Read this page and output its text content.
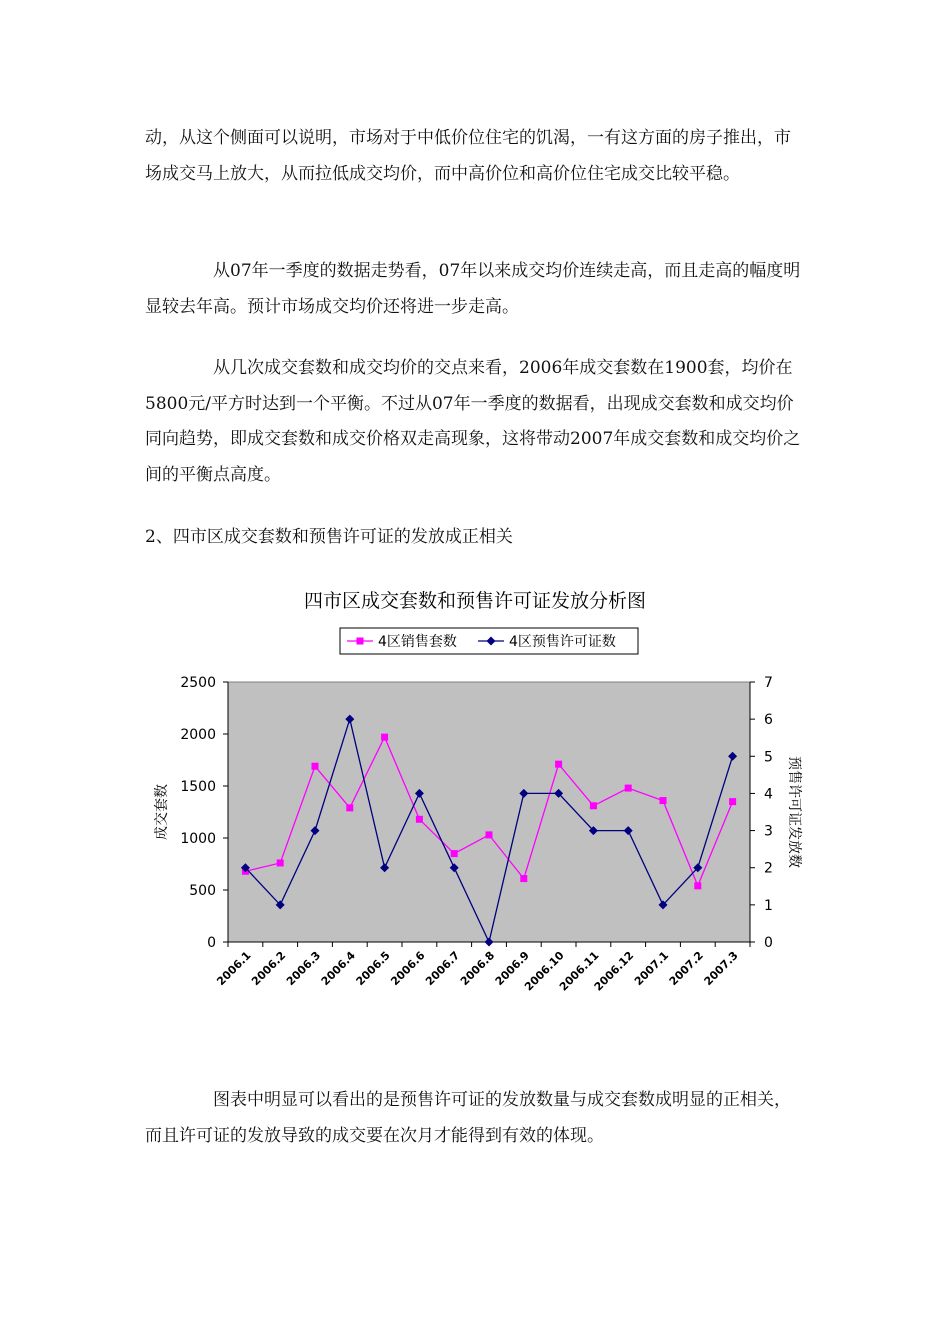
动，从这个侧面可以说明，市场对于中低价位住宅的饥渴，一有这方面的房子推出，市场成交马上放大，从而拉低成交均价，而中高价位和高价位住宅成交比较平稳。

从07年一季度的数据走势看，07年以来成交均价连续走高，而且走高的幅度明显较去年高。预计市场成交均价还将进一步走高。

从几次成交套数和成交均价的交点来看，2006年成交套数在1900套，均价在5800元/平方时达到一个平衡。不过从07年一季度的数据看，出现成交套数和成交均价同向趋势，即成交套数和成交价格双走高现象，这将带动2007年成交套数和成交均价之间的平衡点高度。

2、四市区成交套数和预售许可证的发放成正相关

四市区成交套数和预售许可证发放分析图
4区销售套数	4区预售许可证数
0
500
1000
1500
2000
2500
0
1
2
3
4
5
6
7
2006.1
2006.2
2006.3
2006.4
2006.5
2006.6
2006.7
2006.8
2006.9
2006.10
2006.11
2006.12
2007.1
2007.2
2007.3
成交套数	预售许可证发放数

图表中明显可以看出的是预售许可证的发放数量与成交套数成明显的正相关，而且许可证的发放导致的成交要在次月才能得到有效的体现。
